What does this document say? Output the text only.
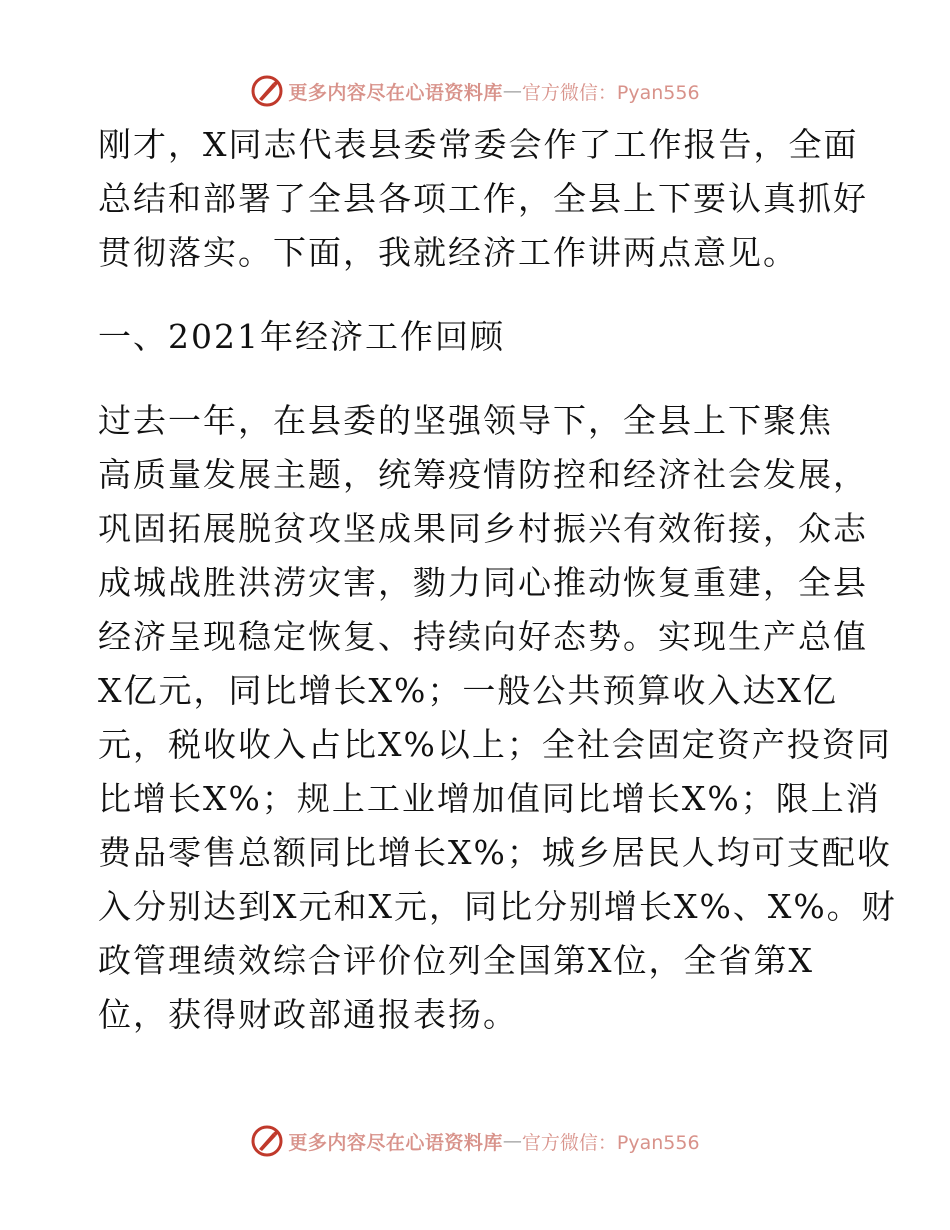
更多内容尽在心语资料库 — 官方微信：Pyan556
刚才，X同志代表县委常委会作了工作报告，全面
总结和部署了全县各项工作，全县上下要认真抓好
贯彻落实。下面，我就经济工作讲两点意见。
一、2021年经济工作回顾
过去一年，在县委的坚强领导下，全县上下聚焦
高质量发展主题，统筹疫情防控和经济社会发展，
巩固拓展脱贫攻坚成果同乡村振兴有效衔接，众志
成城战胜洪涝灾害，勠力同心推动恢复重建，全县
经济呈现稳定恢复、持续向好态势。实现生产总值
X亿元，同比增长X%；一般公共预算收入达X亿
元，税收收入占比X%以上；全社会固定资产投资同
比增长X%；规上工业增加值同比增长X%；限上消
费品零售总额同比增长X%；城乡居民人均可支配收
入分别达到X元和X元，同比分别增长X%、X%。财
政管理绩效综合评价位列全国第X位，全省第X
位，获得财政部通报表扬。
更多内容尽在心语资料库 — 官方微信：Pyan556
